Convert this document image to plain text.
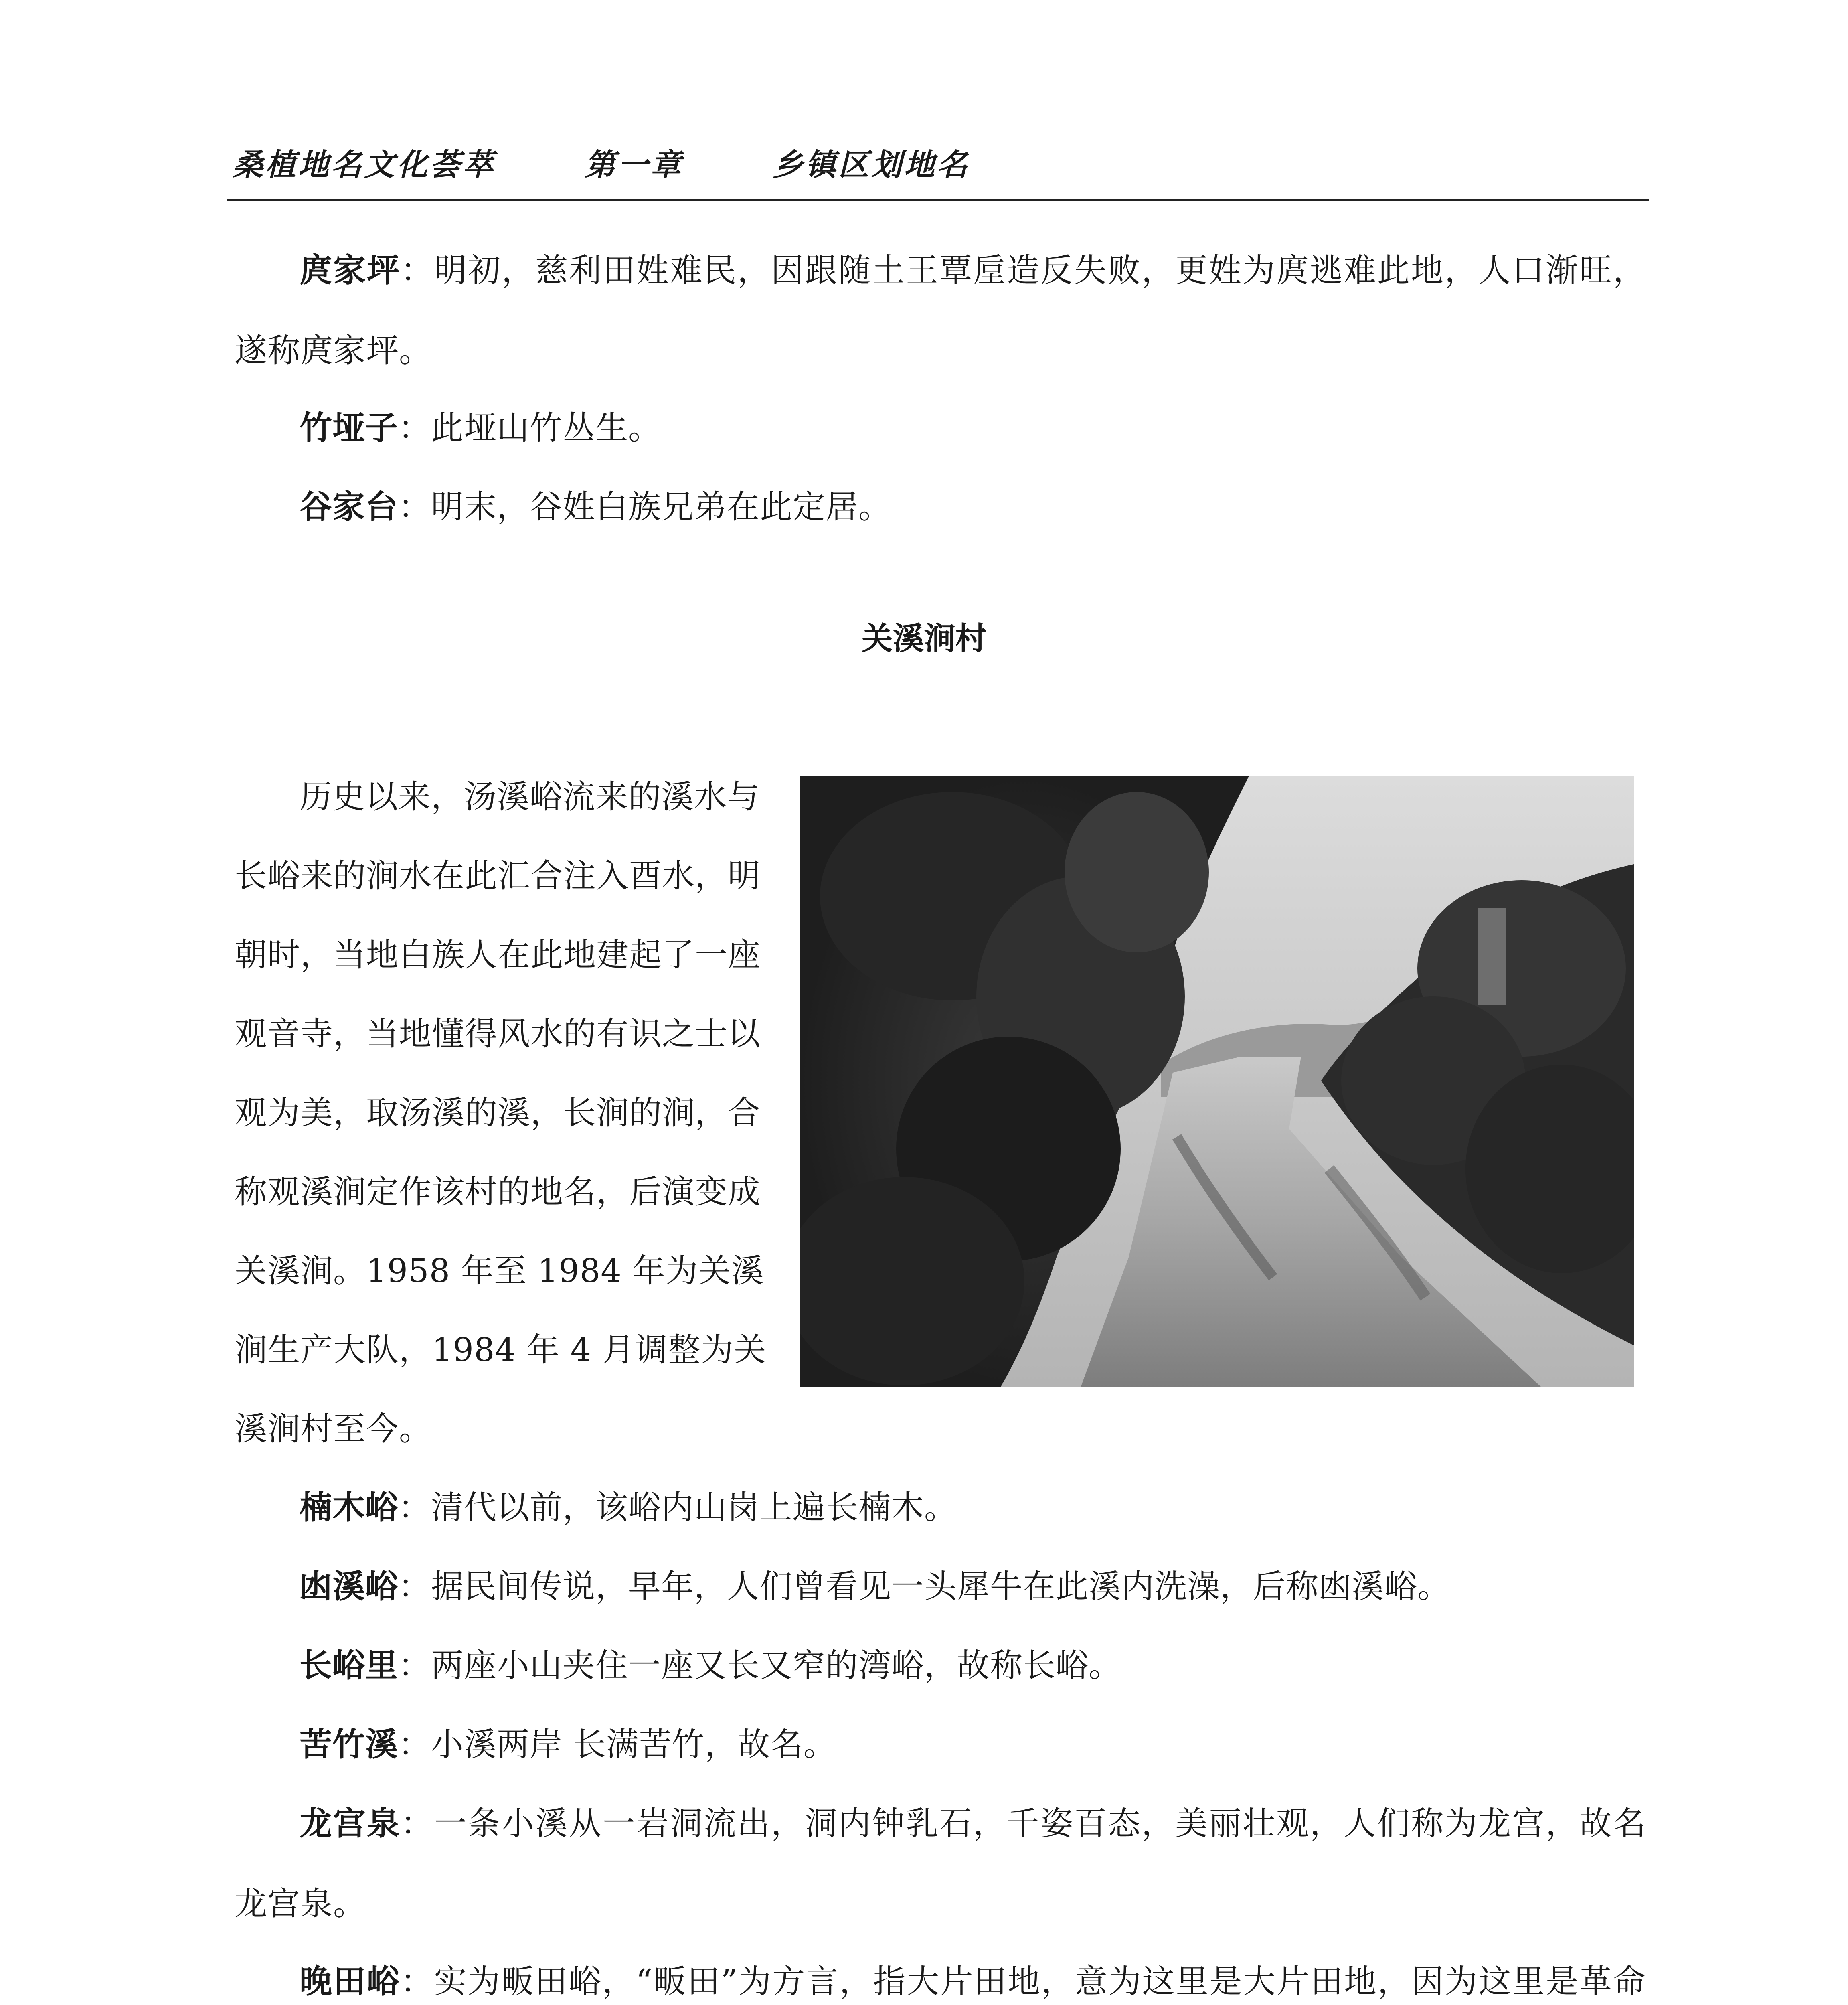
桑植地名文化荟萃	第一章	乡镇区划地名

庹家坪：明初，慈利田姓难民，因跟随土王覃垕造反失败，更姓为庹逃难此地，人口渐旺，遂称庹家坪。

竹垭子：此垭山竹丛生。

谷家台：明末，谷姓白族兄弟在此定居。

关溪涧村

历史以来，汤溪峪流来的溪水与长峪来的涧水在此汇合注入酉水，明朝时，当地白族人在此地建起了一座观音寺，当地懂得风水的有识之士以观为美，取汤溪的溪，长涧的涧，合称观溪涧定作该村的地名，后演变成关溪涧。1958 年至 1984 年为关溪涧生产大队，1984 年 4 月调整为关溪涧村至今。

楠木峪：清代以前，该峪内山岗上遍长楠木。

凼溪峪：据民间传说，早年，人们曾看见一头犀牛在此溪内洗澡，后称凼溪峪。

长峪里：两座小山夹住一座又长又窄的湾峪，故称长峪。

苦竹溪：小溪两岸 长满苦竹，故名。

龙宫泉：一条小溪从一岩洞流出，洞内钟乳石，千姿百态，美丽壮观，人们称为龙宫，故名龙宫泉。

晚田峪：实为畈田峪，“畈田”为方言，指大片田地，意为这里是大片田地，因为这里是革命
